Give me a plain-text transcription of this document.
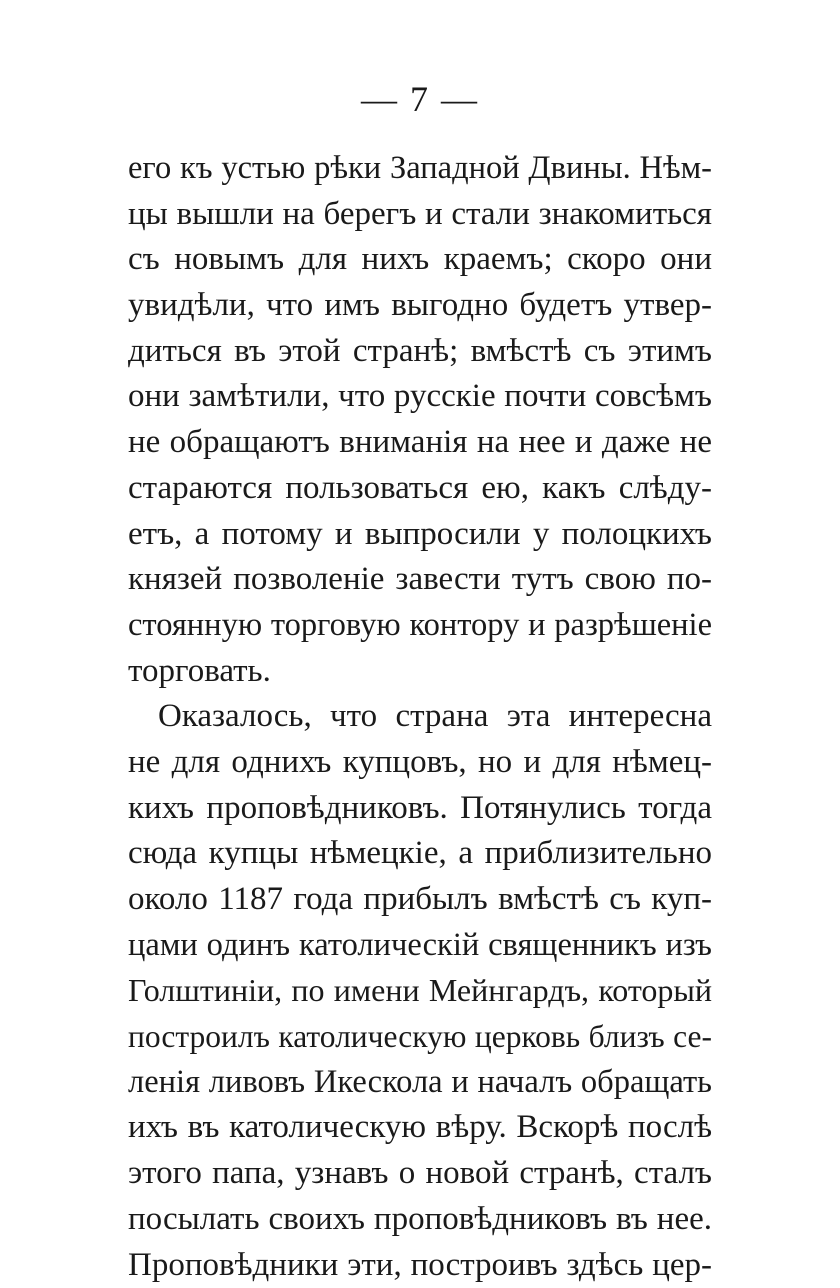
— 7 —
его къ устью рѣки Западной Двины. Нѣм-
цы вышли на берегъ и стали знакомиться
съ новымъ для нихъ краемъ; скоро они
увидѣли, что имъ выгодно будетъ утвер-
диться въ этой странѣ; вмѣстѣ съ этимъ
они замѣтили, что русскіе почти совсѣмъ
не обращаютъ вниманія на нее и даже не
стараются пользоваться ею, какъ слѣду-
етъ, а потому и выпросили у полоцкихъ
князей позволеніе завести тутъ свою по-
стоянную торговую контору и разрѣшеніе
торговать.
Оказалось, что страна эта интересна
не для однихъ купцовъ, но и для нѣмец-
кихъ проповѣдниковъ. Потянулись тогда
сюда купцы нѣмецкіе, а приблизительно
около 1187 года прибылъ вмѣстѣ съ куп-
цами одинъ католическій священникъ изъ
Голштиніи, по имени Мейнгардъ, который
построилъ католическую церковь близъ се-
ленія ливовъ Икескола и началъ обращать
ихъ въ католическую вѣру. Вскорѣ послѣ
этого папа, узнавъ о новой странѣ, сталъ
посылать своихъ проповѣдниковъ въ нее.
Проповѣдники эти, построивъ здѣсь цер-
